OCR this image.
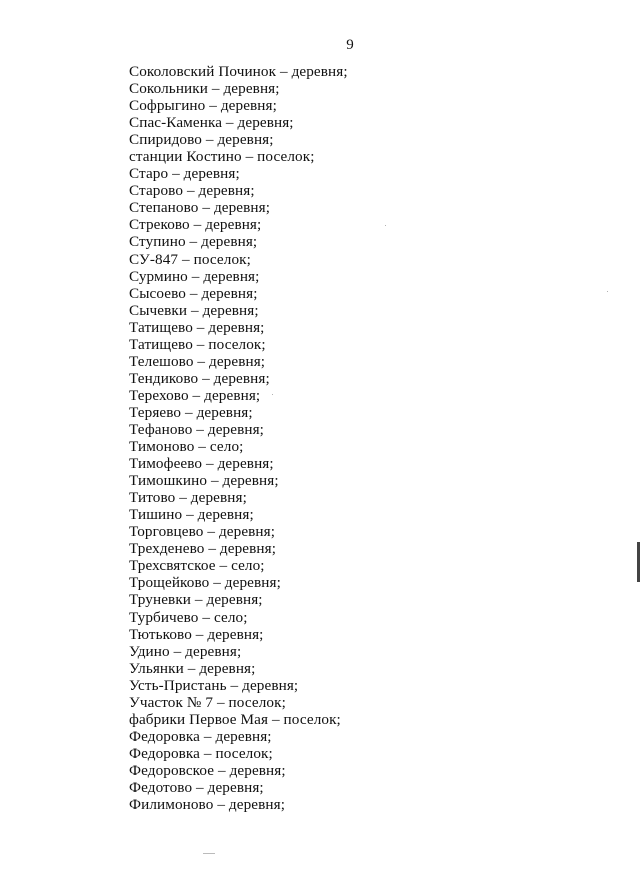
9
Соколовский Починок – деревня;
Сокольники – деревня;
Софрыгино – деревня;
Спас-Каменка – деревня;
Спиридово – деревня;
станции Костино – поселок;
Старо – деревня;
Старово – деревня;
Степаново – деревня;
Стреково – деревня;
Ступино – деревня;
СУ-847 – поселок;
Сурмино – деревня;
Сысоево – деревня;
Сычевки – деревня;
Татищево – деревня;
Татищево – поселок;
Телешово – деревня;
Тендиково – деревня;
Терехово – деревня;
Теряево – деревня;
Тефаново – деревня;
Тимоново – село;
Тимофеево – деревня;
Тимошкино – деревня;
Титово – деревня;
Тишино – деревня;
Торговцево – деревня;
Трехденево – деревня;
Трехсвятское – село;
Трощейково – деревня;
Труневки – деревня;
Турбичево – село;
Тютьково – деревня;
Удино – деревня;
Ульянки – деревня;
Усть-Пристань – деревня;
Участок № 7 – поселок;
фабрики Первое Мая – поселок;
Федоровка – деревня;
Федоровка – поселок;
Федоровское – деревня;
Федотово – деревня;
Филимоново – деревня;
